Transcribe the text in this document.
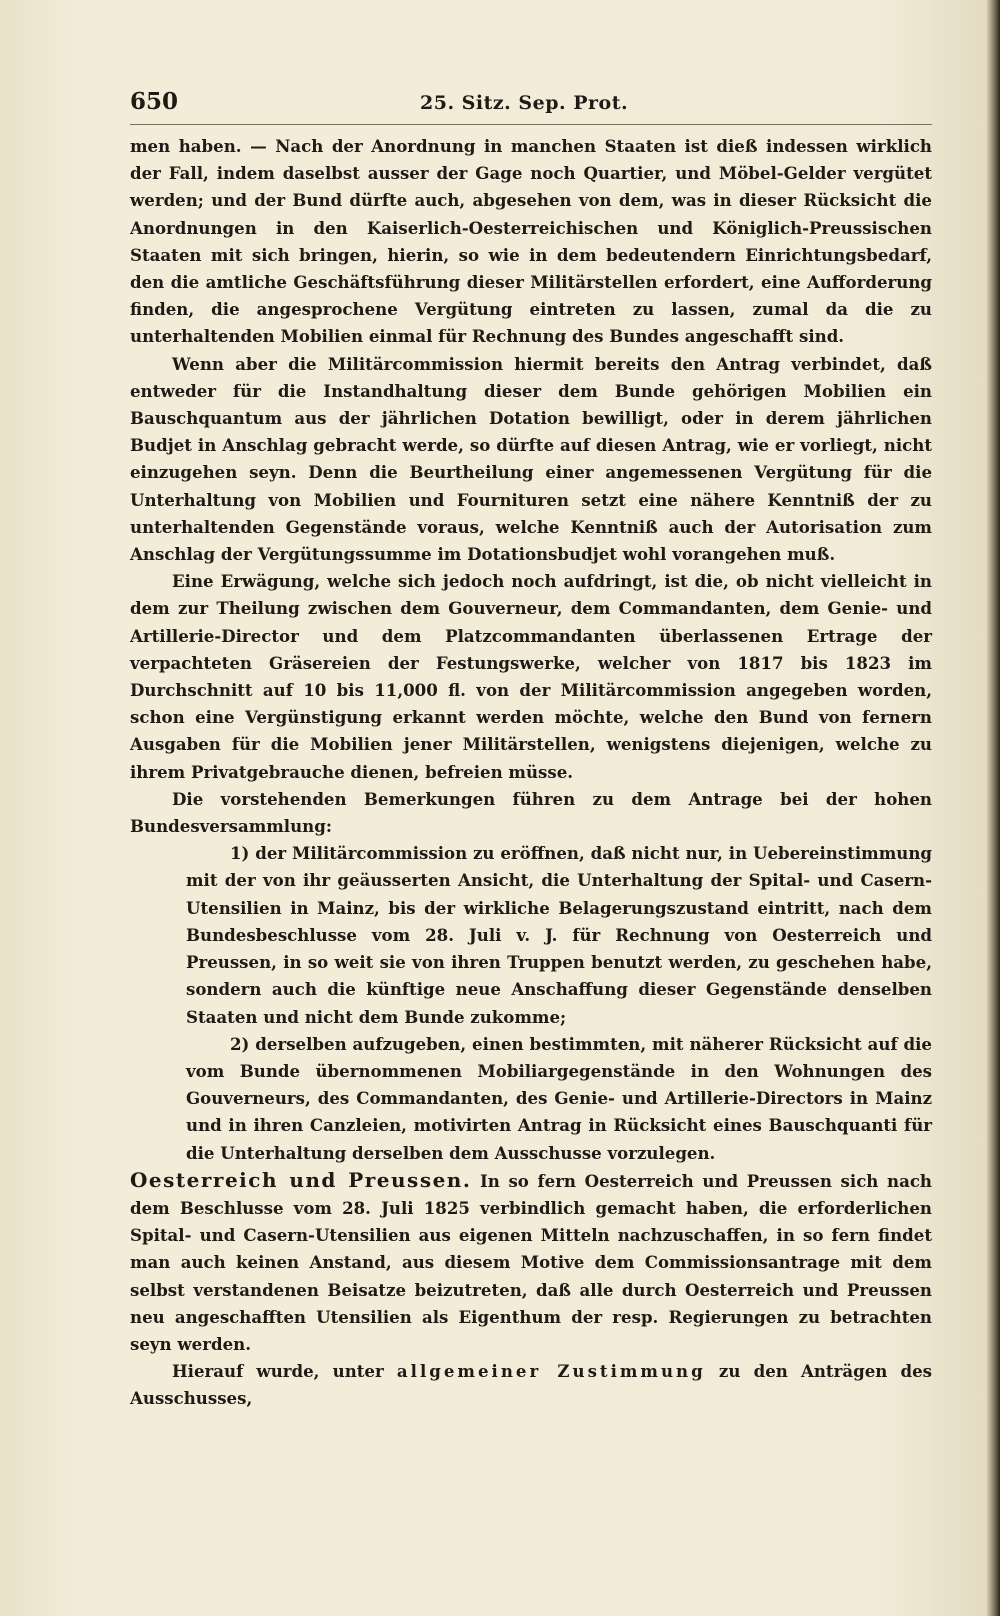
650	25. Sitz. Sep. Prot.

men haben. — Nach der Anordnung in manchen Staaten ist dieß indessen wirklich der Fall, indem daselbst ausser der Gage noch Quartier, und Möbel-Gelder vergütet werden; und der Bund dürfte auch, abgesehen von dem, was in dieser Rücksicht die Anordnungen in den Kaiserlich-Oesterreichischen und Königlich-Preussischen Staaten mit sich bringen, hierin, so wie in dem bedeutendern Einrichtungsbedarf, den die amtliche Geschäftsführung dieser Militärstellen erfordert, eine Aufforderung finden, die angesprochene Vergütung eintreten zu lassen, zumal da die zu unterhaltenden Mobilien einmal für Rechnung des Bundes angeschafft sind.

Wenn aber die Militärcommission hiermit bereits den Antrag verbindet, daß entweder für die Instandhaltung dieser dem Bunde gehörigen Mobilien ein Bauschquantum aus der jährlichen Dotation bewilligt, oder in derem jährlichen Budjet in Anschlag gebracht werde, so dürfte auf diesen Antrag, wie er vorliegt, nicht einzugehen seyn. Denn die Beurtheilung einer angemessenen Vergütung für die Unterhaltung von Mobilien und Fournituren setzt eine nähere Kenntniß der zu unterhaltenden Gegenstände voraus, welche Kenntniß auch der Autorisation zum Anschlag der Vergütungssumme im Dotationsbudjet wohl vorangehen muß.

Eine Erwägung, welche sich jedoch noch aufdringt, ist die, ob nicht vielleicht in dem zur Theilung zwischen dem Gouverneur, dem Commandanten, dem Genie- und Artillerie-Director und dem Platzcommandanten überlassenen Ertrage der verpachteten Gräsereien der Festungswerke, welcher von 1817 bis 1823 im Durchschnitt auf 10 bis 11,000 fl. von der Militärcommission angegeben worden, schon eine Vergünstigung erkannt werden möchte, welche den Bund von fernern Ausgaben für die Mobilien jener Militärstellen, wenigstens diejenigen, welche zu ihrem Privatgebrauche dienen, befreien müsse.

Die vorstehenden Bemerkungen führen zu dem Antrage bei der hohen Bundesversammlung:

1) der Militärcommission zu eröffnen, daß nicht nur, in Uebereinstimmung mit der von ihr geäusserten Ansicht, die Unterhaltung der Spital- und Casern-Utensilien in Mainz, bis der wirkliche Belagerungszustand eintritt, nach dem Bundesbeschlusse vom 28. Juli v. J. für Rechnung von Oesterreich und Preussen, in so weit sie von ihren Truppen benutzt werden, zu geschehen habe, sondern auch die künftige neue Anschaffung dieser Gegenstände denselben Staaten und nicht dem Bunde zukomme;

2) derselben aufzugeben, einen bestimmten, mit näherer Rücksicht auf die vom Bunde übernommenen Mobiliargegenstände in den Wohnungen des Gouverneurs, des Commandanten, des Genie- und Artillerie-Directors in Mainz und in ihren Canzleien, motivirten Antrag in Rücksicht eines Bauschquanti für die Unterhaltung derselben dem Ausschusse vorzulegen.

Oesterreich und Preussen. In so fern Oesterreich und Preussen sich nach dem Beschlusse vom 28. Juli 1825 verbindlich gemacht haben, die erforderlichen Spital- und Casern-Utensilien aus eigenen Mitteln nachzuschaffen, in so fern findet man auch keinen Anstand, aus diesem Motive dem Commissionsantrage mit dem selbst verstandenen Beisatze beizutreten, daß alle durch Oesterreich und Preussen neu angeschafften Utensilien als Eigenthum der resp. Regierungen zu betrachten seyn werden.

Hierauf wurde, unter allgemeiner Zustimmung zu den Anträgen des Ausschusses,
